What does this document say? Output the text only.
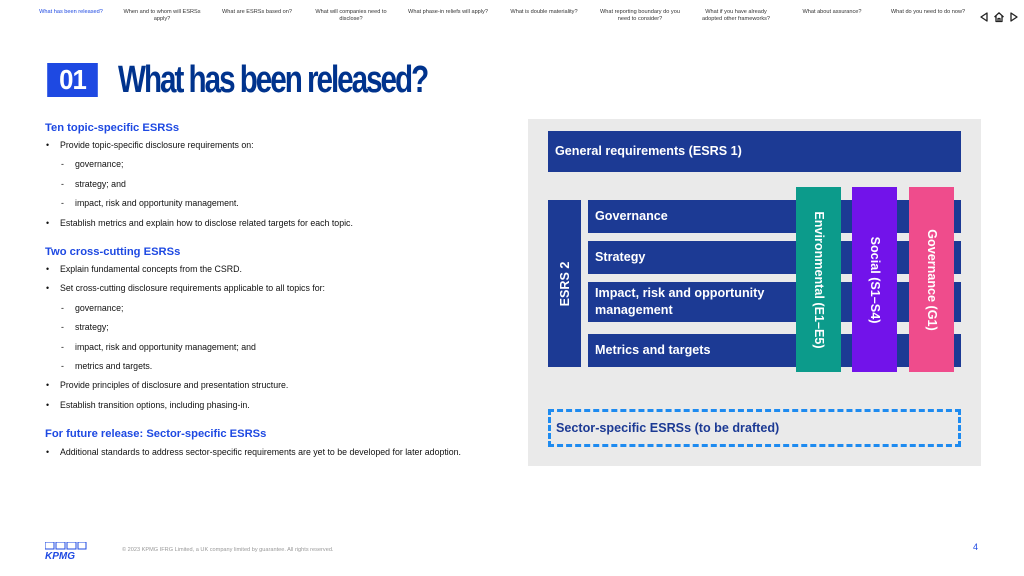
What has been released?	When and to whom will ESRSs apply?
What are ESRSs based on?	What will companies need to disclose?
What phase-in reliefs will apply?	What is double materiality?	What reporting boundary do you need to consider?
What if you have already adopted other frameworks?
What about assurance?	What do you need to do now?
01 What has been released?
Ten topic-specific ESRSs
• Provide topic-specific disclosure requirements on:
- governance;
- strategy; and
- impact, risk and opportunity management.
• Establish metrics and explain how to disclose related targets for each topic.
Two cross-cutting ESRSs
• Explain fundamental concepts from the CSRD.
• Set cross-cutting disclosure requirements applicable to all topics for:
- governance;
- strategy;
- impact, risk and opportunity management; and
- metrics and targets.
• Provide principles of disclosure and presentation structure.
• Establish transition options, including phasing-in.
For future release: Sector-specific ESRSs
• Additional standards to address sector-specific requirements are yet to be developed for later adoption.
General requirements (ESRS 1)
ESRS 2
Governance
Strategy
Impact, risk and opportunity management
Metrics and targets
Environmental (E1–E5)	Social (S1–S4)	Governance (G1)
Sector-specific ESRSs (to be drafted)
KPMG
© 2023 KPMG IFRG Limited, a UK company limited by guarantee. All rights reserved.	4
